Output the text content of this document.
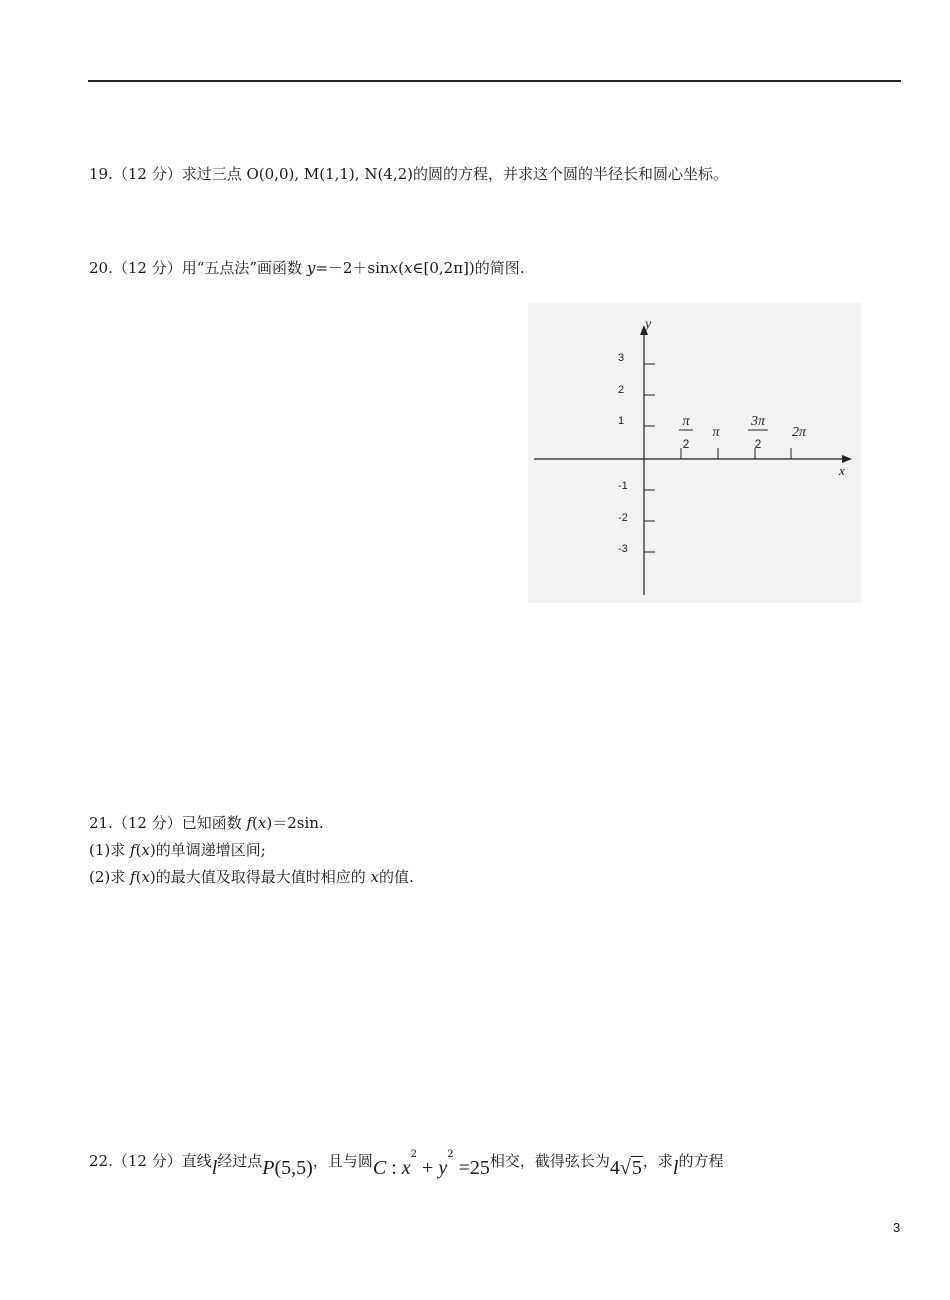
19.（12 分）求过三点 O(0,0), M(1,1), N(4,2)的圆的方程，并求这个圆的半径长和圆心坐标。
20.（12 分）用“五点法”画函数 y=－2＋sinx(x∈[0,2π])的简图.
y
x
3
2
1
-1
-2
-3
π
2
π
3π
2
2π
21.（12 分）已知函数 f(x)＝2sin.
(1)求 f(x)的单调递增区间;
(2)求 f(x)的最大值及取得最大值时相应的 x的值.
22.（12 分）直线l经过点P(5,5)，且与圆C : $x^2 + y^2 =25$相交，截得弦长为4√5，求l的方程
3
